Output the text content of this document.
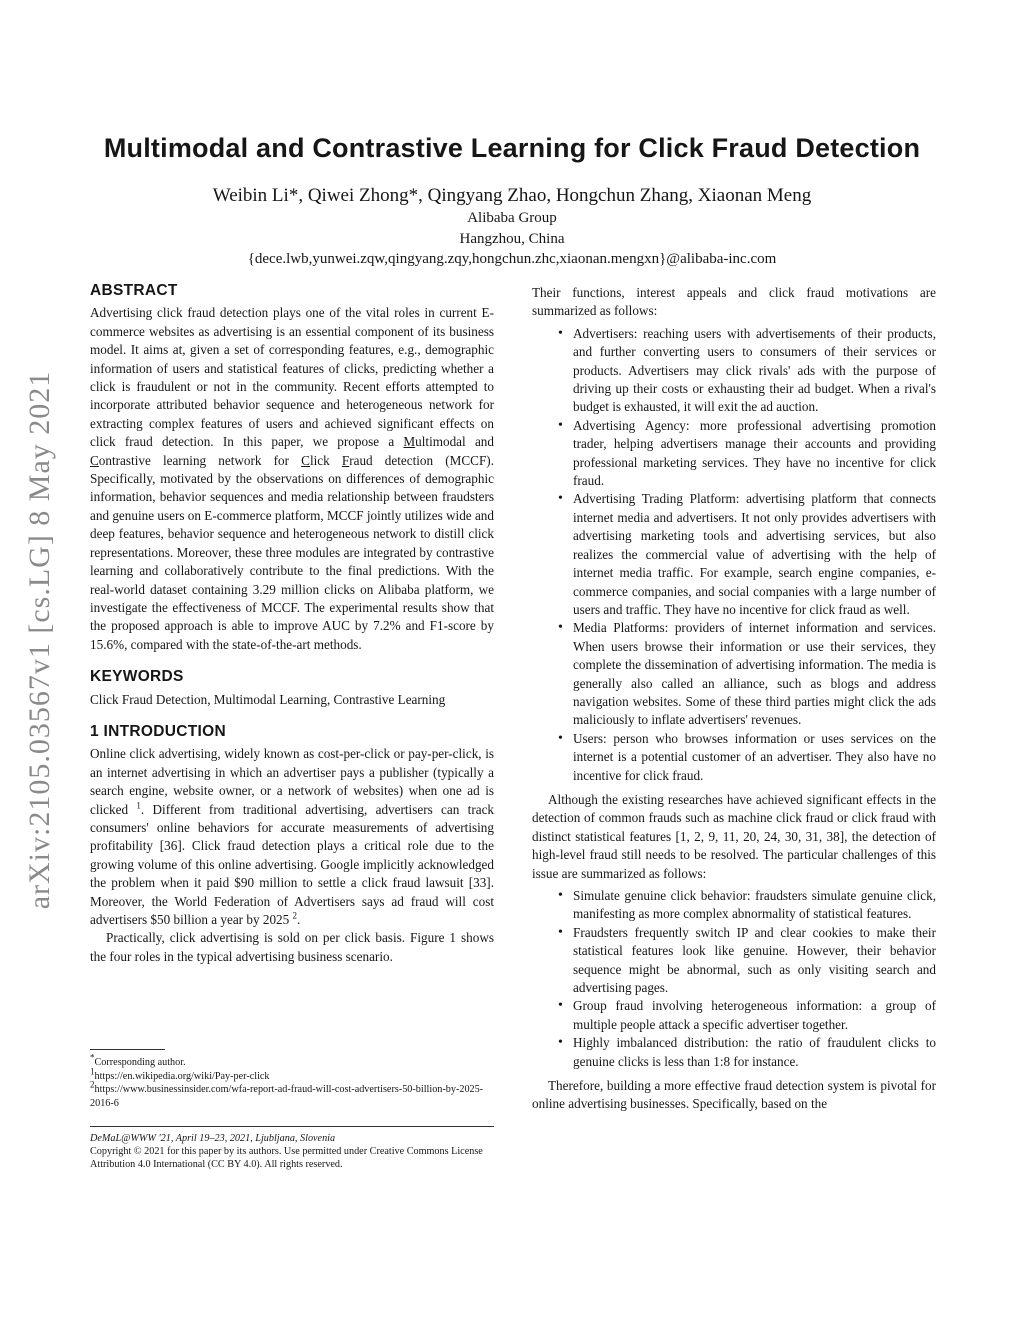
arXiv:2105.03567v1 [cs.LG] 8 May 2021
Multimodal and Contrastive Learning for Click Fraud Detection
Weibin Li*, Qiwei Zhong*, Qingyang Zhao, Hongchun Zhang, Xiaonan Meng
Alibaba Group
Hangzhou, China
{dece.lwb,yunwei.zqw,qingyang.zqy,hongchun.zhc,xiaonan.mengxn}@alibaba-inc.com
ABSTRACT

Advertising click fraud detection plays one of the vital roles in current E-commerce websites as advertising is an essential component of its business model. It aims at, given a set of corresponding features, e.g., demographic information of users and statistical features of clicks, predicting whether a click is fraudulent or not in the community. Recent efforts attempted to incorporate attributed behavior sequence and heterogeneous network for extracting complex features of users and achieved significant effects on click fraud detection. In this paper, we propose a Multimodal and Contrastive learning network for Click Fraud detection (MCCF). Specifically, motivated by the observations on differences of demographic information, behavior sequences and media relationship between fraudsters and genuine users on E-commerce platform, MCCF jointly utilizes wide and deep features, behavior sequence and heterogeneous network to distill click representations. Moreover, these three modules are integrated by contrastive learning and collaboratively contribute to the final predictions. With the real-world dataset containing 3.29 million clicks on Alibaba platform, we investigate the effectiveness of MCCF. The experimental results show that the proposed approach is able to improve AUC by 7.2% and F1-score by 15.6%, compared with the state-of-the-art methods.

KEYWORDS

Click Fraud Detection, Multimodal Learning, Contrastive Learning

1 INTRODUCTION

Online click advertising, widely known as cost-per-click or pay-per-click, is an internet advertising in which an advertiser pays a publisher (typically a search engine, website owner, or a network of websites) when one ad is clicked $^1$. Different from traditional advertising, advertisers can track consumers' online behaviors for accurate measurements of advertising profitability [36]. Click fraud detection plays a critical role due to the growing volume of this online advertising. Google implicitly acknowledged the problem when it paid $90 million to settle a click fraud lawsuit [33]. Moreover, the World Federation of Advertisers says ad fraud will cost advertisers $50 billion a year by 2025 $^2$.

Practically, click advertising is sold on per click basis. Figure 1 shows the four roles in the typical advertising business scenario.

*Corresponding author.
$^1$https://en.wikipedia.org/wiki/Pay-per-click
$^2$https://www.businessinsider.com/wfa-report-ad-fraud-will-cost-advertisers-50-billion-by-2025-2016-6
DeMaL@WWW '21, April 19–23, 2021, Ljubljana, Slovenia
Copyright © 2021 for this paper by its authors. Use permitted under Creative Commons License Attribution 4.0 International (CC BY 4.0). All rights reserved.

Their functions, interest appeals and click fraud motivations are summarized as follows:

• Advertisers: reaching users with advertisements of their products, and further converting users to consumers of their services or products. Advertisers may click rivals' ads with the purpose of driving up their costs or exhausting their ad budget. When a rival's budget is exhausted, it will exit the ad auction.
• Advertising Agency: more professional advertising promotion trader, helping advertisers manage their accounts and providing professional marketing services. They have no incentive for click fraud.
• Advertising Trading Platform: advertising platform that connects internet media and advertisers. It not only provides advertisers with advertising marketing tools and advertising services, but also realizes the commercial value of advertising with the help of internet media traffic. For example, search engine companies, e-commerce companies, and social companies with a large number of users and traffic. They have no incentive for click fraud as well.
• Media Platforms: providers of internet information and services. When users browse their information or use their services, they complete the dissemination of advertising information. The media is generally also called an alliance, such as blogs and address navigation websites. Some of these third parties might click the ads maliciously to inflate advertisers' revenues.
• Users: person who browses information or uses services on the internet is a potential customer of an advertiser. They also have no incentive for click fraud.

Although the existing researches have achieved significant effects in the detection of common frauds such as machine click fraud or click fraud with distinct statistical features [1, 2, 9, 11, 20, 24, 30, 31, 38], the detection of high-level fraud still needs to be resolved. The particular challenges of this issue are summarized as follows:

• Simulate genuine click behavior: fraudsters simulate genuine click, manifesting as more complex abnormality of statistical features.
• Fraudsters frequently switch IP and clear cookies to make their statistical features look like genuine. However, their behavior sequence might be abnormal, such as only visiting search and advertising pages.
• Group fraud involving heterogeneous information: a group of multiple people attack a specific advertiser together.
• Highly imbalanced distribution: the ratio of fraudulent clicks to genuine clicks is less than 1:8 for instance.

Therefore, building a more effective fraud detection system is pivotal for online advertising businesses. Specifically, based on the
